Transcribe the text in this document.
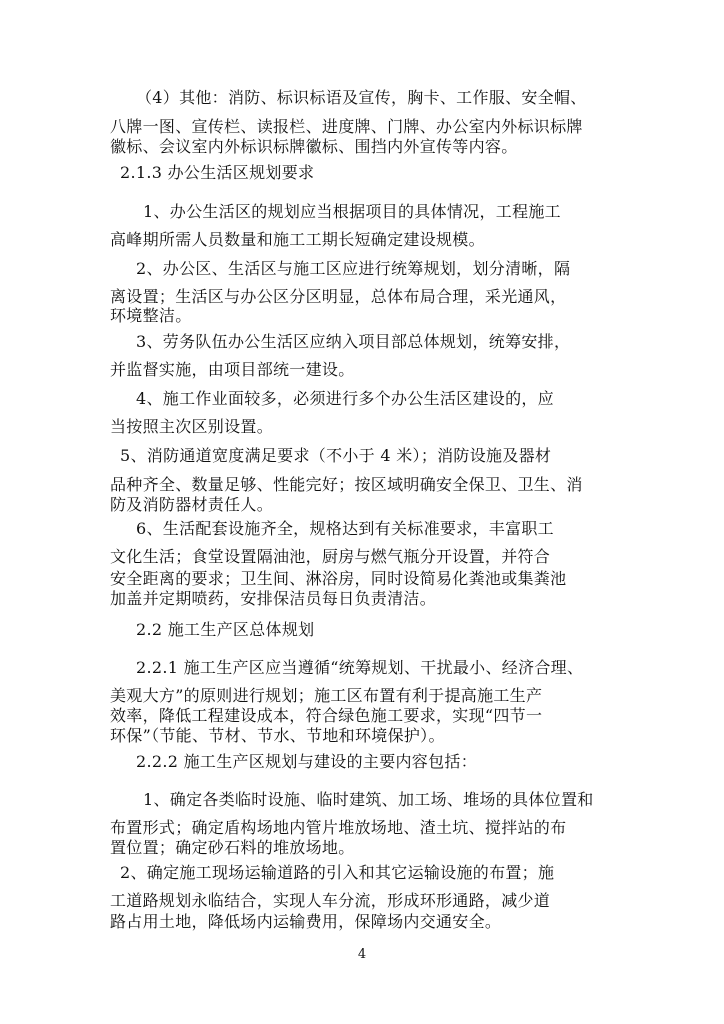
（4）其他：消防、标识标语及宣传，胸卡、工作服、安全帽、
八牌一图、宣传栏、读报栏、进度牌、门牌、办公室内外标识标牌
徽标、会议室内外标识标牌徽标、围挡内外宣传等内容。
2.1.3 办公生活区规划要求
1、办公生活区的规划应当根据项目的具体情况，工程施工
高峰期所需人员数量和施工工期长短确定建设规模。
2、办公区、生活区与施工区应进行统筹规划，划分清晰，隔
离设置；生活区与办公区分区明显，总体布局合理，采光通风，
环境整洁。
3、劳务队伍办公生活区应纳入项目部总体规划，统筹安排，
并监督实施，由项目部统一建设。
4、施工作业面较多，必须进行多个办公生活区建设的，应
当按照主次区别设置。
5、消防通道宽度满足要求（不小于 4 米）；消防设施及器材
品种齐全、数量足够、性能完好；按区域明确安全保卫、卫生、消
防及消防器材责任人。
6、生活配套设施齐全，规格达到有关标准要求，丰富职工
文化生活；食堂设置隔油池，厨房与燃气瓶分开设置，并符合
安全距离的要求；卫生间、淋浴房，同时设简易化粪池或集粪池
加盖并定期喷药，安排保洁员每日负责清洁。
2.2 施工生产区总体规划
2.2.1 施工生产区应当遵循“统筹规划、干扰最小、经济合理、
美观大方”的原则进行规划；施工区布置有利于提高施工生产
效率，降低工程建设成本，符合绿色施工要求，实现“四节一
环保”（节能、节材、节水、节地和环境保护）。
2.2.2 施工生产区规划与建设的主要内容包括：
1、确定各类临时设施、临时建筑、加工场、堆场的具体位置和
布置形式；确定盾构场地内管片堆放场地、渣土坑、搅拌站的布
置位置；确定砂石料的堆放场地。
2、确定施工现场运输道路的引入和其它运输设施的布置；施
工道路规划永临结合，实现人车分流，形成环形通路，减少道
路占用土地，降低场内运输费用，保障场内交通安全。
4
